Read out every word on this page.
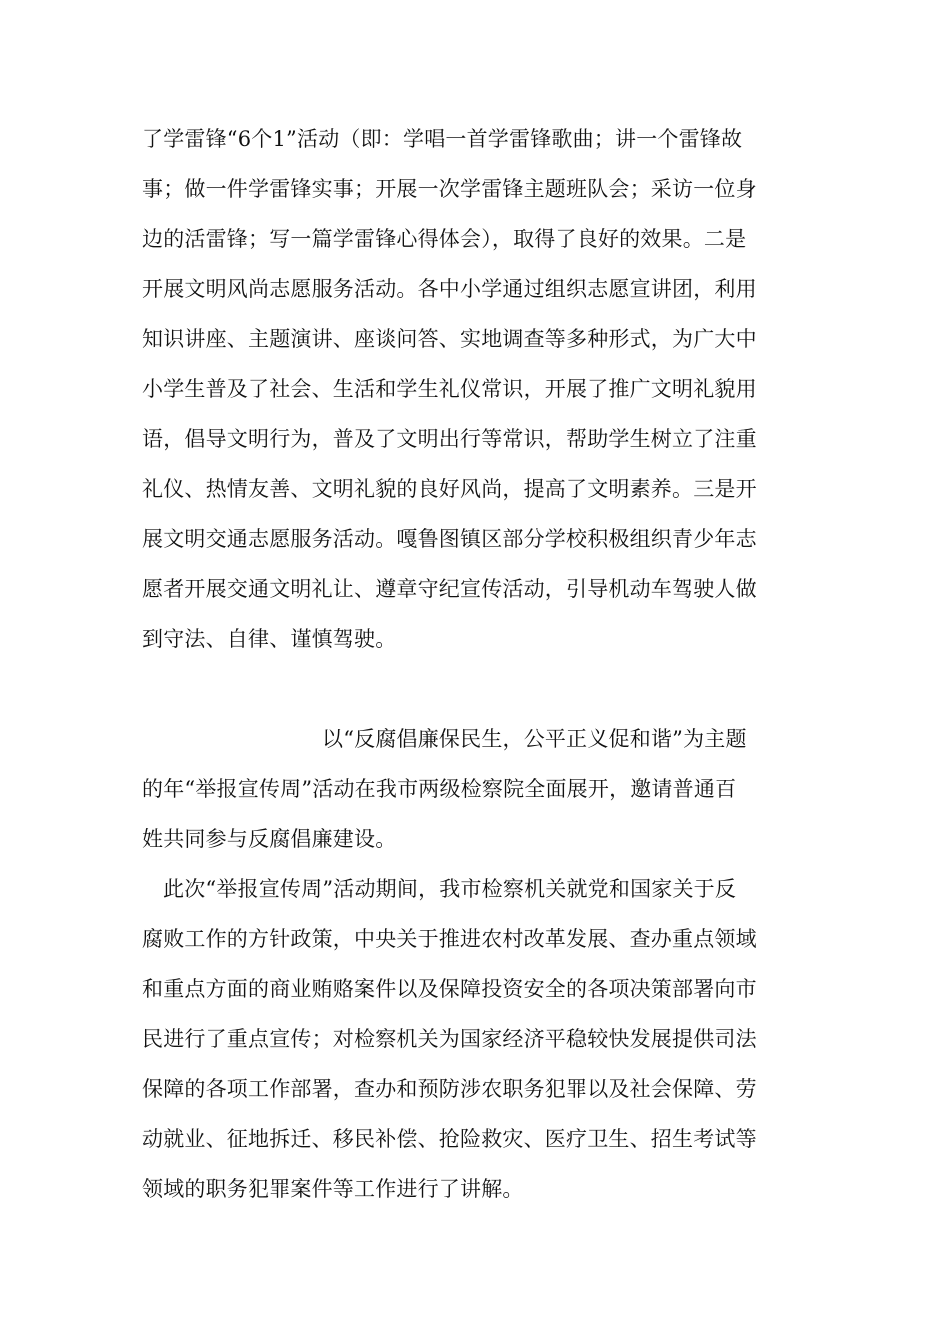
了学雷锋“6个1”活动（即：学唱一首学雷锋歌曲；讲一个雷锋故
事；做一件学雷锋实事；开展一次学雷锋主题班队会；采访一位身
边的活雷锋；写一篇学雷锋心得体会），取得了良好的效果。二是
开展文明风尚志愿服务活动。各中小学通过组织志愿宣讲团，利用
知识讲座、主题演讲、座谈问答、实地调查等多种形式，为广大中
小学生普及了社会、生活和学生礼仪常识，开展了推广文明礼貌用
语，倡导文明行为，普及了文明出行等常识，帮助学生树立了注重
礼仪、热情友善、文明礼貌的良好风尚，提高了文明素养。三是开
展文明交通志愿服务活动。嘎鲁图镇区部分学校积极组织青少年志
愿者开展交通文明礼让、遵章守纪宣传活动，引导机动车驾驶人做
到守法、自律、谨慎驾驶。
以“反腐倡廉保民生，公平正义促和谐”为主题
的年“举报宣传周”活动在我市两级检察院全面展开，邀请普通百
姓共同参与反腐倡廉建设。
此次“举报宣传周”活动期间，我市检察机关就党和国家关于反
腐败工作的方针政策，中央关于推进农村改革发展、查办重点领域
和重点方面的商业贿赂案件以及保障投资安全的各项决策部署向市
民进行了重点宣传；对检察机关为国家经济平稳较快发展提供司法
保障的各项工作部署，查办和预防涉农职务犯罪以及社会保障、劳
动就业、征地拆迁、移民补偿、抢险救灾、医疗卫生、招生考试等
领域的职务犯罪案件等工作进行了讲解。
